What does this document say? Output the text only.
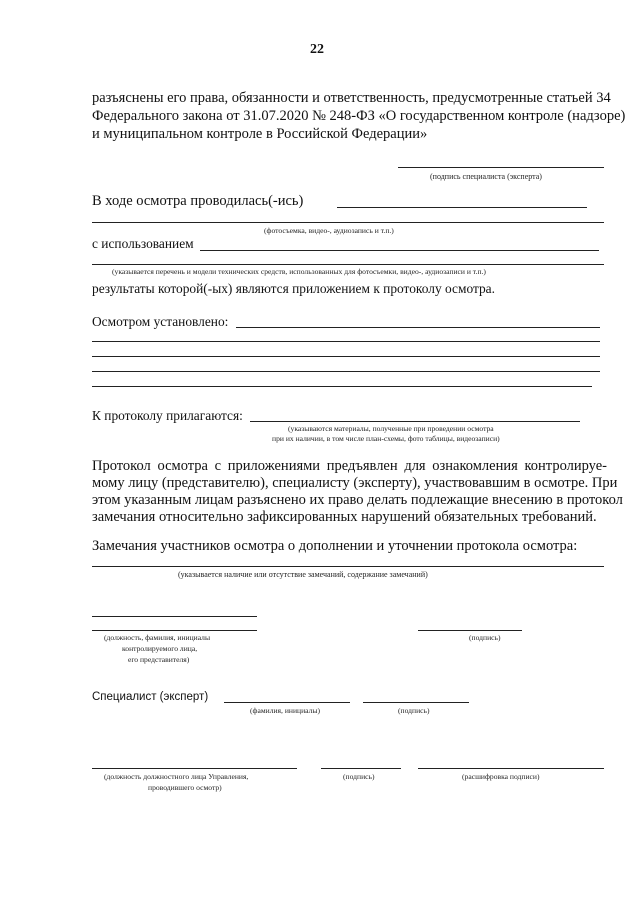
22
разъяснены его права, обязанности и ответственность, предусмотренные статьей 34
Федерального закона от 31.07.2020 № 248-ФЗ «О государственном контроле (надзоре)
и муниципальном контроле в Российской Федерации»
(подпись специалиста (эксперта)
В ходе осмотра проводилась(-ись)
(фотосъемка, видео-, аудиозапись и т.п.)
с использованием
(указывается перечень и модели технических средств, использованных для фотосъемки, видео-, аудиозаписи и т.п.)
результаты которой(-ых) являются приложением к протоколу осмотра.
Осмотром установлено:
К протоколу прилагаются:
(указываются материалы, полученные при проведении осмотра
при их наличии, в том числе план-схемы, фото таблицы, видеозаписи)
Протокол осмотра с приложениями предъявлен для ознакомления контролируе-
мому лицу (представителю), специалисту (эксперту), участвовавшим в осмотре. При
этом указанным лицам разъяснено их право делать подлежащие внесению в протокол
замечания относительно зафиксированных нарушений обязательных требований.
Замечания участников осмотра о дополнении и уточнении протокола осмотра:
(указывается наличие или отсутствие замечаний, содержание замечаний)
(должность, фамилия, инициалы
контролируемого лица,
его представителя)
(подпись)
Специалист (эксперт)
(фамилия, инициалы)	(подпись)
(должность должностного лица Управления,
проводившего осмотр)
(подпись)	(расшифровка подписи)
